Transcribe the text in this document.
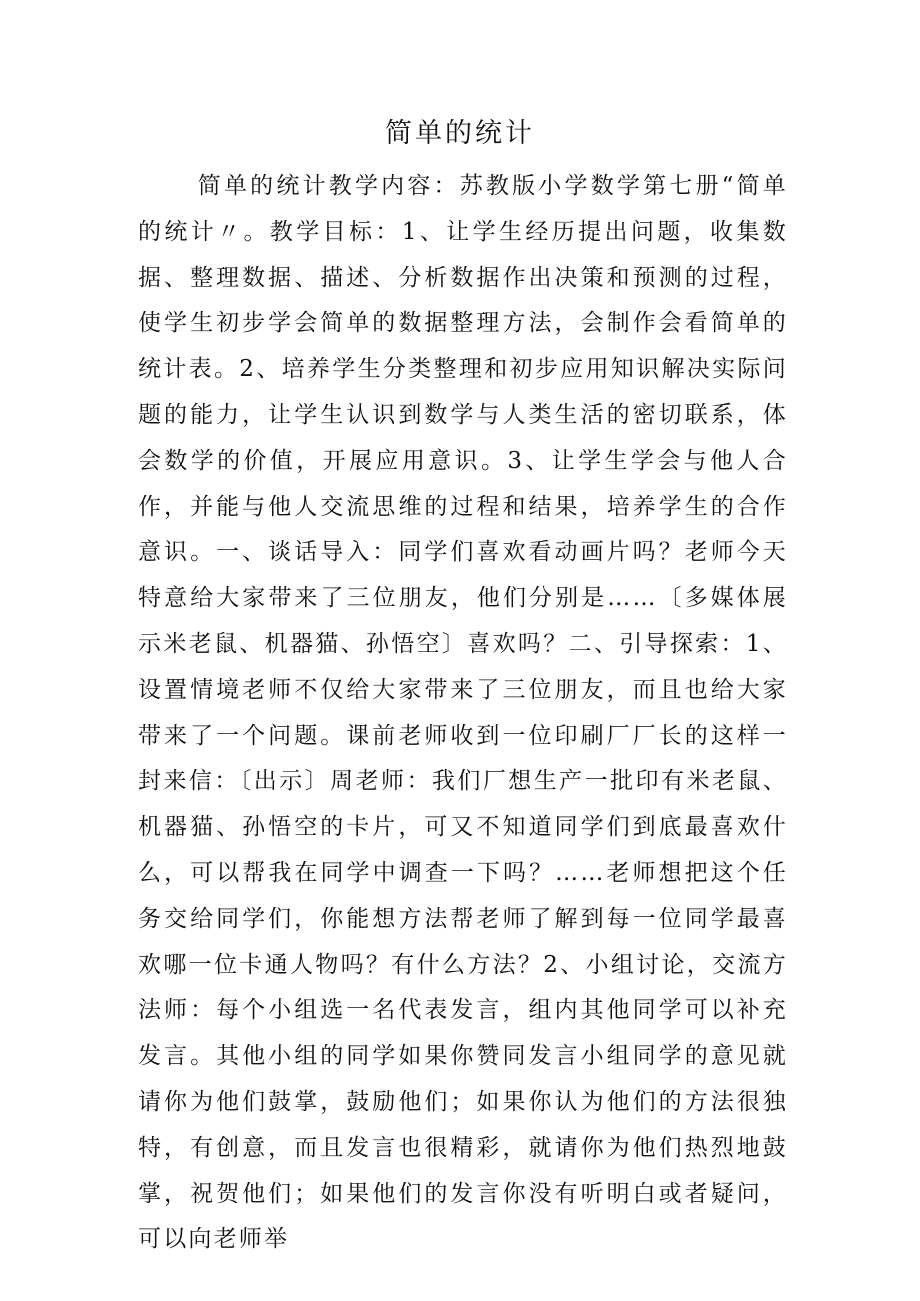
简单的统计

简单的统计教学内容：苏教版小学数学第七册“简单的统计〃。教学目标：1、让学生经历提出问题，收集数据、整理数据、描述、分析数据作出决策和预测的过程，使学生初步学会简单的数据整理方法，会制作会看简单的统计表。2、培养学生分类整理和初步应用知识解决实际问题的能力，让学生认识到数学与人类生活的密切联系，体会数学的价值，开展应用意识。3、让学生学会与他人合作，并能与他人交流思维的过程和结果，培养学生的合作意识。一、谈话导入：同学们喜欢看动画片吗？老师今天特意给大家带来了三位朋友，他们分别是……〔多媒体展示米老鼠、机器猫、孙悟空〕喜欢吗？二、引导探索：1、设置情境老师不仅给大家带来了三位朋友，而且也给大家带来了一个问题。课前老师收到一位印刷厂厂长的这样一封来信：〔出示〕周老师：我们厂想生产一批印有米老鼠、机器猫、孙悟空的卡片，可又不知道同学们到底最喜欢什么，可以帮我在同学中调查一下吗？……老师想把这个任务交给同学们，你能想方法帮老师了解到每一位同学最喜欢哪一位卡通人物吗？有什么方法？2、小组讨论，交流方法师：每个小组选一名代表发言，组内其他同学可以补充发言。其他小组的同学如果你赞同发言小组同学的意见就请你为他们鼓掌，鼓励他们；如果你认为他们的方法很独特，有创意，而且发言也很精彩，就请你为他们热烈地鼓掌，祝贺他们；如果他们的发言你没有听明白或者疑问，可以向老师举
